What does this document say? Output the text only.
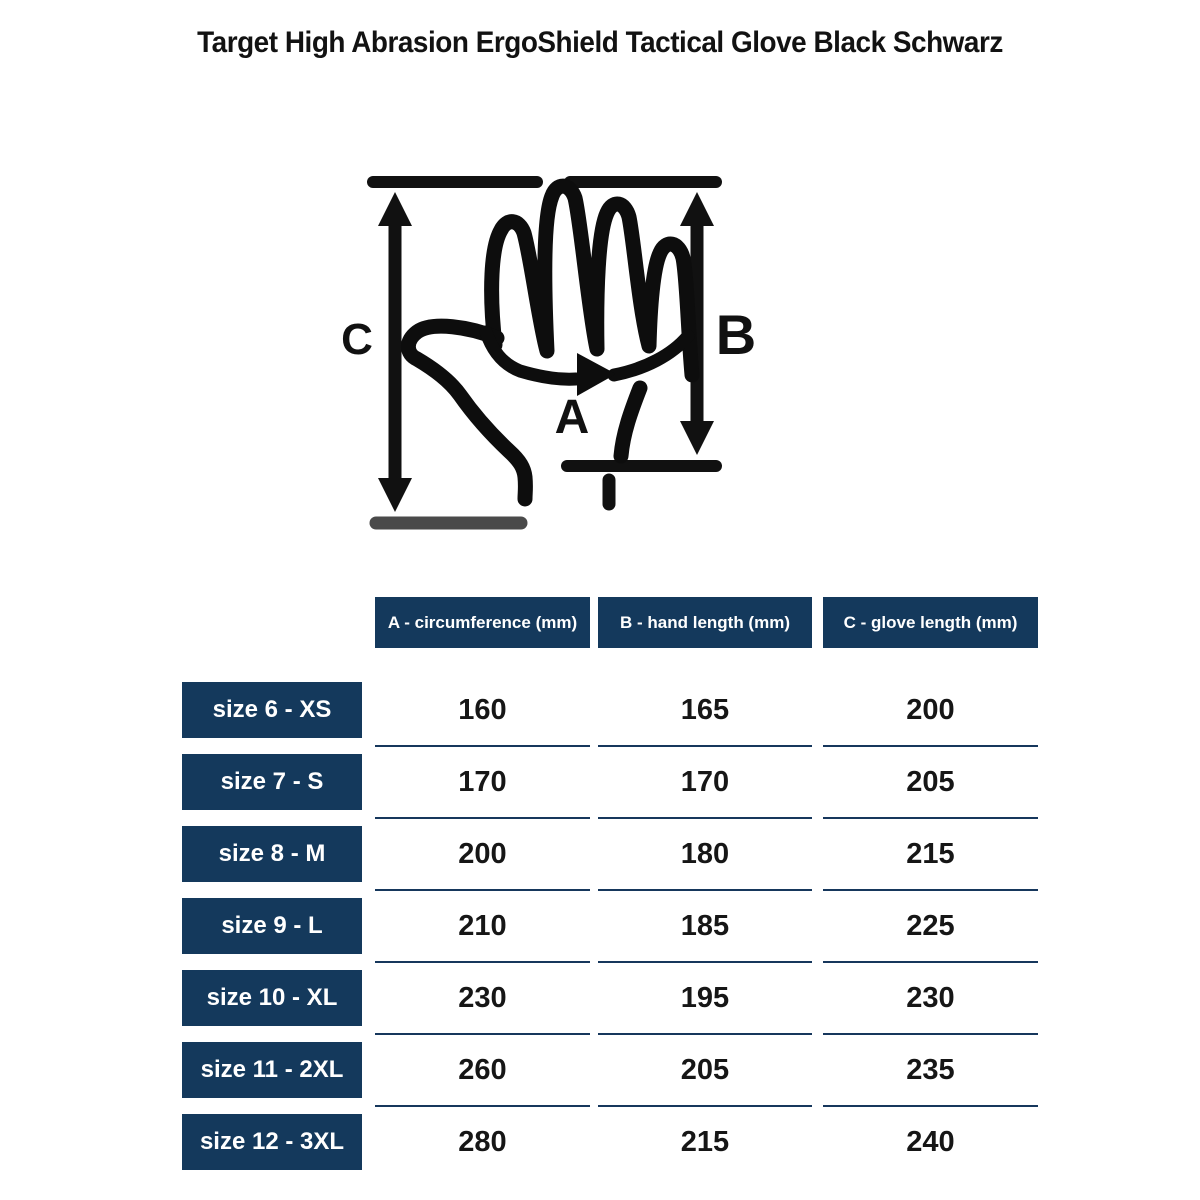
Target High Abrasion ErgoShield Tactical Glove Black Schwarz
C	B
A
A - circumference (mm)	B - hand length (mm)	C - glove length (mm)
size 6 - XS	160	165	200
size 7 - S	170	170	205
size 8 - M	200	180	215
size 9 - L	210	185	225
size 10 - XL	230	195	230
size 11 - 2XL	260	205	235
size 12 - 3XL	280	215	240
